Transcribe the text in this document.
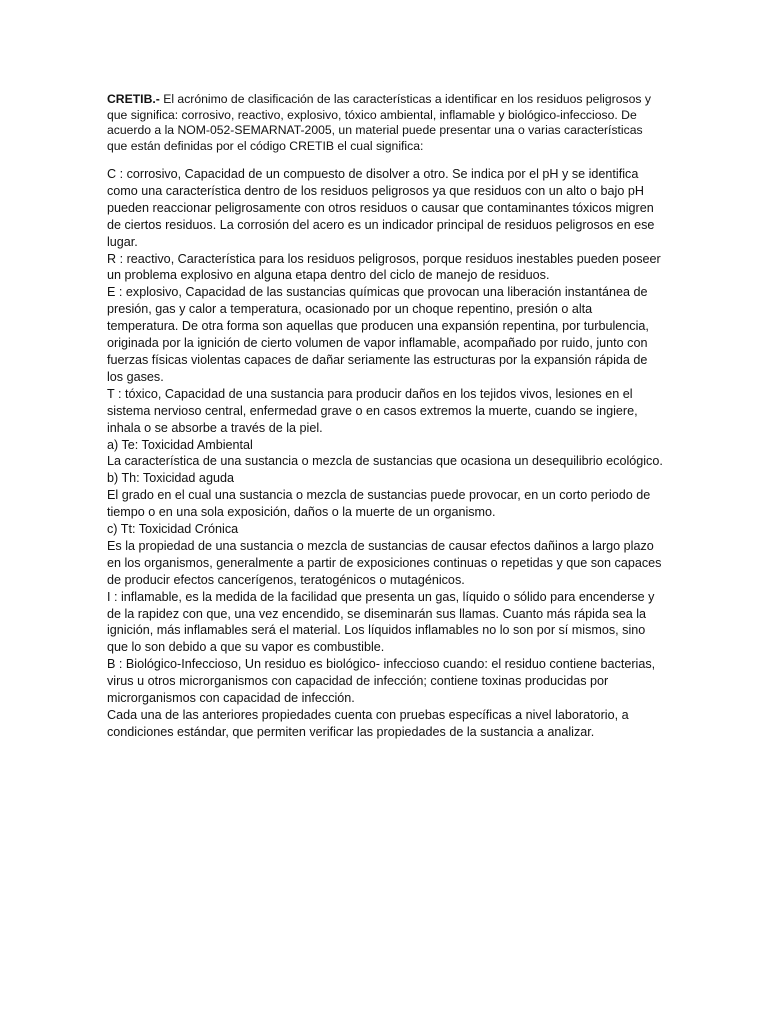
CRETIB.- El acrónimo de clasificación de las características a identificar en los residuos peligrosos y que significa: corrosivo, reactivo, explosivo, tóxico ambiental, inflamable y biológico-infeccioso. De acuerdo a la NOM-052-SEMARNAT-2005, un material puede presentar una o varias características que están definidas por el código CRETIB el cual significa:

C : corrosivo, Capacidad de un compuesto de disolver a otro. Se indica por el pH y se identifica como una característica dentro de los residuos peligrosos ya que residuos con un alto o bajo pH pueden reaccionar peligrosamente con otros residuos o causar que contaminantes tóxicos migren de ciertos residuos. La corrosión del acero es un indicador principal de residuos peligrosos en ese lugar.

R : reactivo, Característica para los residuos peligrosos, porque residuos inestables pueden poseer un problema explosivo en alguna etapa dentro del ciclo de manejo de residuos.

E : explosivo, Capacidad de las sustancias químicas que provocan una liberación instantánea de presión, gas y calor a temperatura, ocasionado por un choque repentino, presión o alta temperatura. De otra forma son aquellas que producen una expansión repentina, por turbulencia, originada por la ignición de cierto volumen de vapor inflamable, acompañado por ruido, junto con fuerzas físicas violentas capaces de dañar seriamente las estructuras por la expansión rápida de los gases.

T : tóxico, Capacidad de una sustancia para producir daños en los tejidos vivos, lesiones en el sistema nervioso central, enfermedad grave o en casos extremos la muerte, cuando se ingiere, inhala o se absorbe a través de la piel.

a) Te: Toxicidad Ambiental

La característica de una sustancia o mezcla de sustancias que ocasiona un desequilibrio ecológico.

b) Th: Toxicidad aguda

El grado en el cual una sustancia o mezcla de sustancias puede provocar, en un corto periodo de tiempo o en una sola exposición, daños o la muerte de un organismo.

c) Tt: Toxicidad Crónica

Es la propiedad de una sustancia o mezcla de sustancias de causar efectos dañinos a largo plazo en los organismos, generalmente a partir de exposiciones continuas o repetidas y que son capaces de producir efectos cancerígenos, teratogénicos o mutagénicos.

I : inflamable, es la medida de la facilidad que presenta un gas, líquido o sólido para encenderse y de la rapidez con que, una vez encendido, se diseminarán sus llamas. Cuanto más rápida sea la ignición, más inflamables será el material. Los líquidos inflamables no lo son por sí mismos, sino que lo son debido a que su vapor es combustible.

B : Biológico-Infeccioso, Un residuo es biológico- infeccioso cuando: el residuo contiene bacterias, virus u otros microrganismos con capacidad de infección; contiene toxinas producidas por microrganismos con capacidad de infección.

Cada una de las anteriores propiedades cuenta con pruebas específicas a nivel laboratorio, a condiciones estándar, que permiten verificar las propiedades de la sustancia a analizar.
